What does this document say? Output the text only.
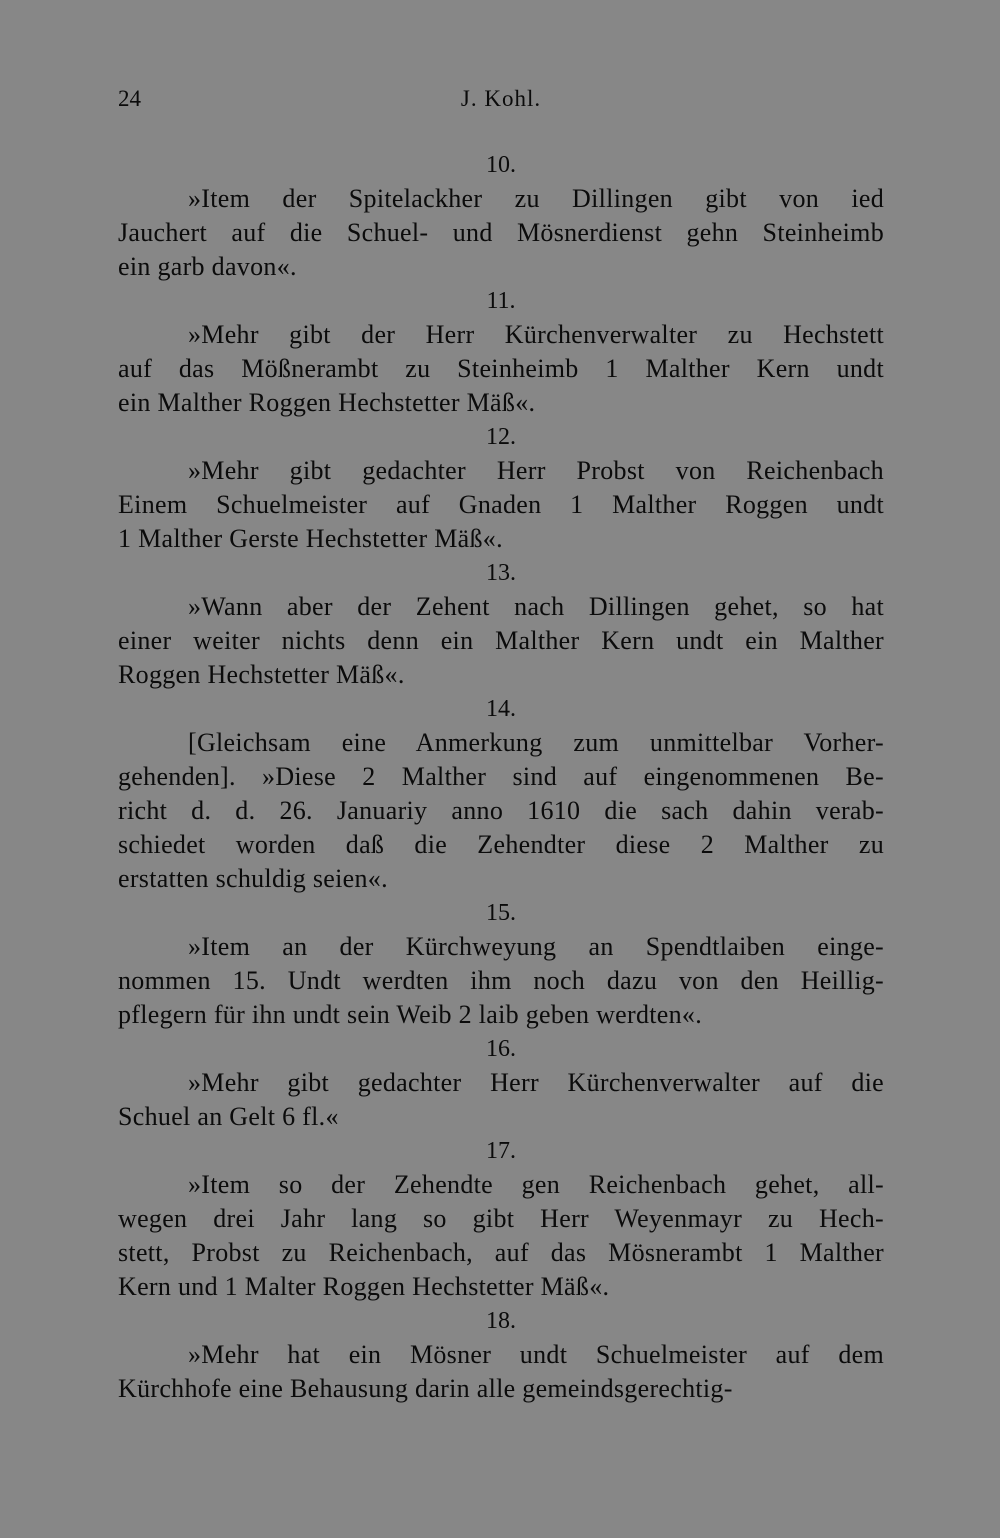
24	J. Kohl.
10.
»Item der Spitelackher zu Dillingen gibt von ied
Jauchert auf die Schuel- und Mösnerdienst gehn Steinheimb
ein garb davon«.
11.
»Mehr gibt der Herr Kürchenverwalter zu Hechstett
auf das Mößnerambt zu Steinheimb 1 Malther Kern undt
ein Malther Roggen Hechstetter Mäß«.
12.
»Mehr gibt gedachter Herr Probst von Reichenbach
Einem Schuelmeister auf Gnaden 1 Malther Roggen undt
1 Malther Gerste Hechstetter Mäß«.
13.
»Wann aber der Zehent nach Dillingen gehet, so hat
einer weiter nichts denn ein Malther Kern undt ein Malther
Roggen Hechstetter Mäß«.
14.
[Gleichsam eine Anmerkung zum unmittelbar Vorher-
gehenden]. »Diese 2 Malther sind auf eingenommenen Be-
richt d. d. 26. Januariy anno 1610 die sach dahin verab-
schiedet worden daß die Zehendter diese 2 Malther zu
erstatten schuldig seien«.
15.
»Item an der Kürchweyung an Spendtlaiben einge-
nommen 15. Undt werdten ihm noch dazu von den Heillig-
pflegern für ihn undt sein Weib 2 laib geben werdten«.
16.
»Mehr gibt gedachter Herr Kürchenverwalter auf die
Schuel an Gelt 6 fl.«
17.
»Item so der Zehendte gen Reichenbach gehet, all-
wegen drei Jahr lang so gibt Herr Weyenmayr zu Hech-
stett, Probst zu Reichenbach, auf das Mösnerambt 1 Malther
Kern und 1 Malter Roggen Hechstetter Mäß«.
18.
»Mehr hat ein Mösner undt Schuelmeister auf dem
Kürchhofe eine Behausung darin alle gemeindsgerechtig-
